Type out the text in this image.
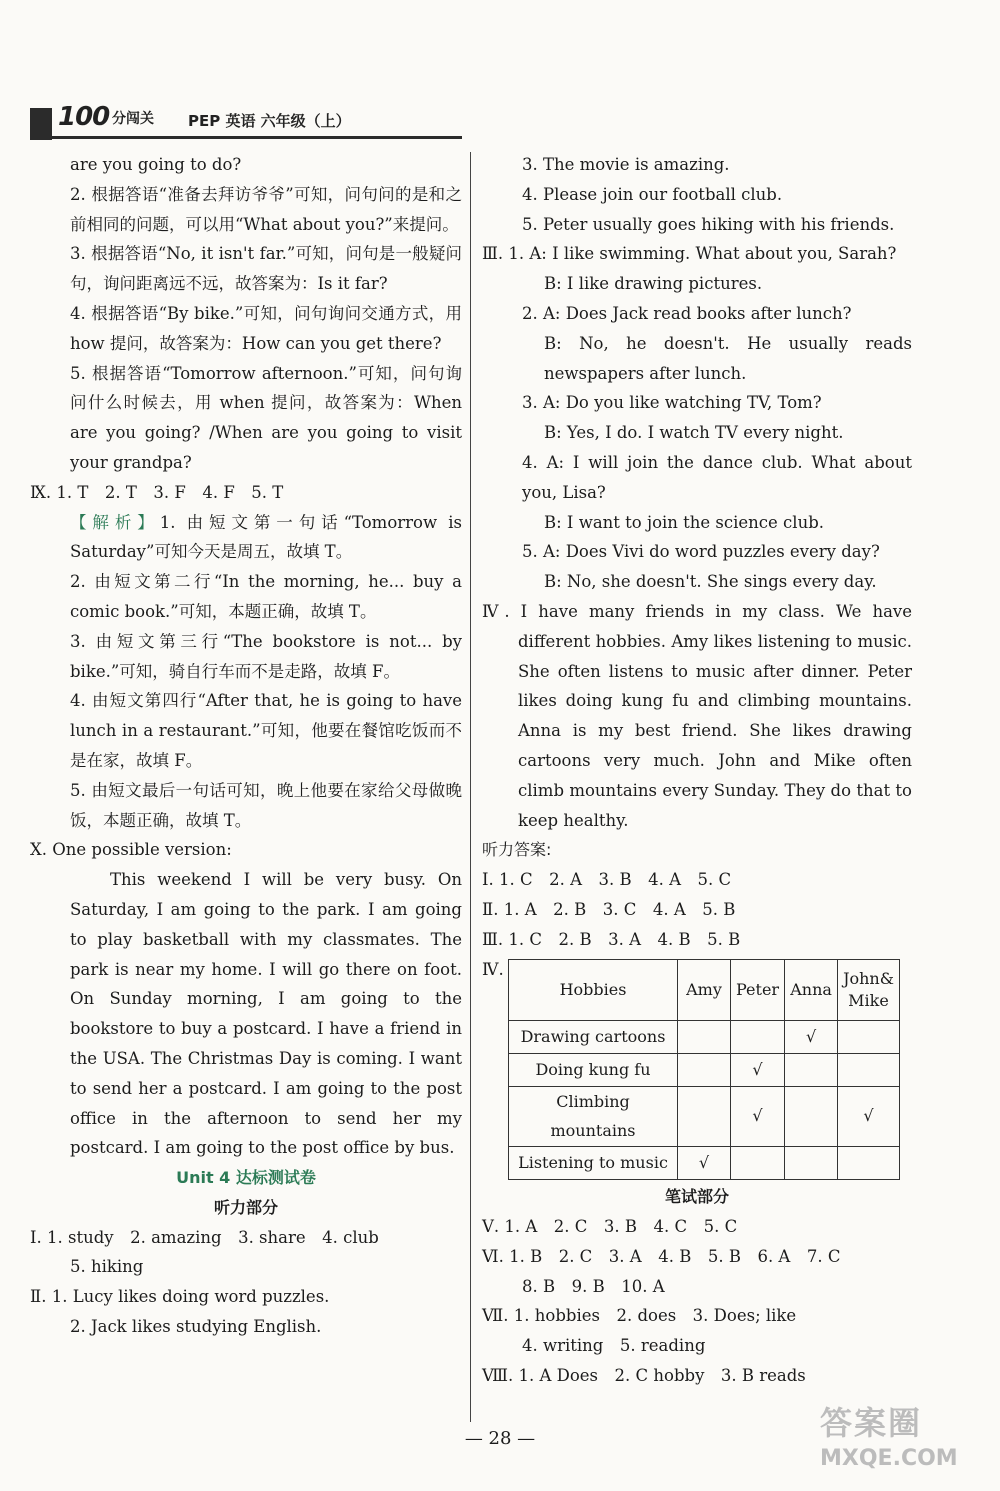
100 分闯关 PEP 英语 六年级（上）

are you going to do?

2. 根据答语“准备去拜访爷爷”可知，问句问的是和之前相同的问题，可以用“What about you?”来提问。

3. 根据答语“No, it isn't far.”可知，问句是一般疑问句，询问距离远不远，故答案为：Is it far?

4. 根据答语“By bike.”可知，问句询问交通方式，用 how 提问，故答案为：How can you get there?

5. 根据答语“Tomorrow afternoon.”可知，问句询问什么时候去，用 when 提问，故答案为：When are you going? /When are you going to visit your grandpa?

Ⅸ. 1. T　2. T　3. F　4. F　5. T

【解析】1. 由短文第一句话“Tomorrow is Saturday”可知今天是周五，故填 T。

2. 由短文第二行“In the morning, he... buy a comic book.”可知，本题正确，故填 T。

3. 由短文第三行“The bookstore is not... by bike.”可知，骑自行车而不是走路，故填 F。

4. 由短文第四行“After that, he is going to have lunch in a restaurant.”可知，他要在餐馆吃饭而不是在家，故填 F。

5. 由短文最后一句话可知，晚上他要在家给父母做晚饭，本题正确，故填 T。

Ⅹ. One possible version:

This weekend I will be very busy. On Saturday, I am going to the park. I am going to play basketball with my classmates. The park is near my home. I will go there on foot. On Sunday morning, I am going to the bookstore to buy a postcard. I have a friend in the USA. The Christmas Day is coming. I want to send her a postcard. I am going to the post office in the afternoon to send her my postcard. I am going to the post office by bus.

Unit 4 达标测试卷

听力部分

Ⅰ. 1. study　2. amazing　3. share　4. club

5. hiking

Ⅱ. 1. Lucy likes doing word puzzles.

2. Jack likes studying English.

3. The movie is amazing.

4. Please join our football club.

5. Peter usually goes hiking with his friends.

Ⅲ. 1. A: I like swimming. What about you, Sarah?

B: I like drawing pictures.

2. A: Does Jack read books after lunch?

B: No, he doesn't. He usually reads newspapers after lunch.

3. A: Do you like watching TV, Tom?

B: Yes, I do. I watch TV every night.

4. A: I will join the dance club. What about you, Lisa?

B: I want to join the science club.

5. A: Does Vivi do word puzzles every day?

B: No, she doesn't. She sings every day.

Ⅳ. I have many friends in my class. We have different hobbies. Amy likes listening to music. She often listens to music after dinner. Peter likes doing kung fu and climbing mountains. Anna is my best friend. She likes drawing cartoons very much. John and Mike often climb mountains every Sunday. They do that to keep healthy.

听力答案:

Ⅰ. 1. C　2. A　3. B　4. A　5. C

Ⅱ. 1. A　2. B　3. C　4. A　5. B

Ⅲ. 1. C　2. B　3. A　4. B　5. B

Ⅳ.
Hobbies	Amy	Peter	Anna	John&
Mike
Drawing cartoons			√	
Doing kung fu		√		
Climbing mountains		√		√
Listening to music	√			

笔试部分

Ⅴ. 1. A　2. C　3. B　4. C　5. C

Ⅵ. 1. B　2. C　3. A　4. B　5. B　6. A　7. C

8. B　9. B　10. A

Ⅶ. 1. hobbies　2. does　3. Does; like

4. writing　5. reading

Ⅷ. 1. A Does　2. C hobby　3. B reads

— 28 —	答案圈
MXQE.COM
